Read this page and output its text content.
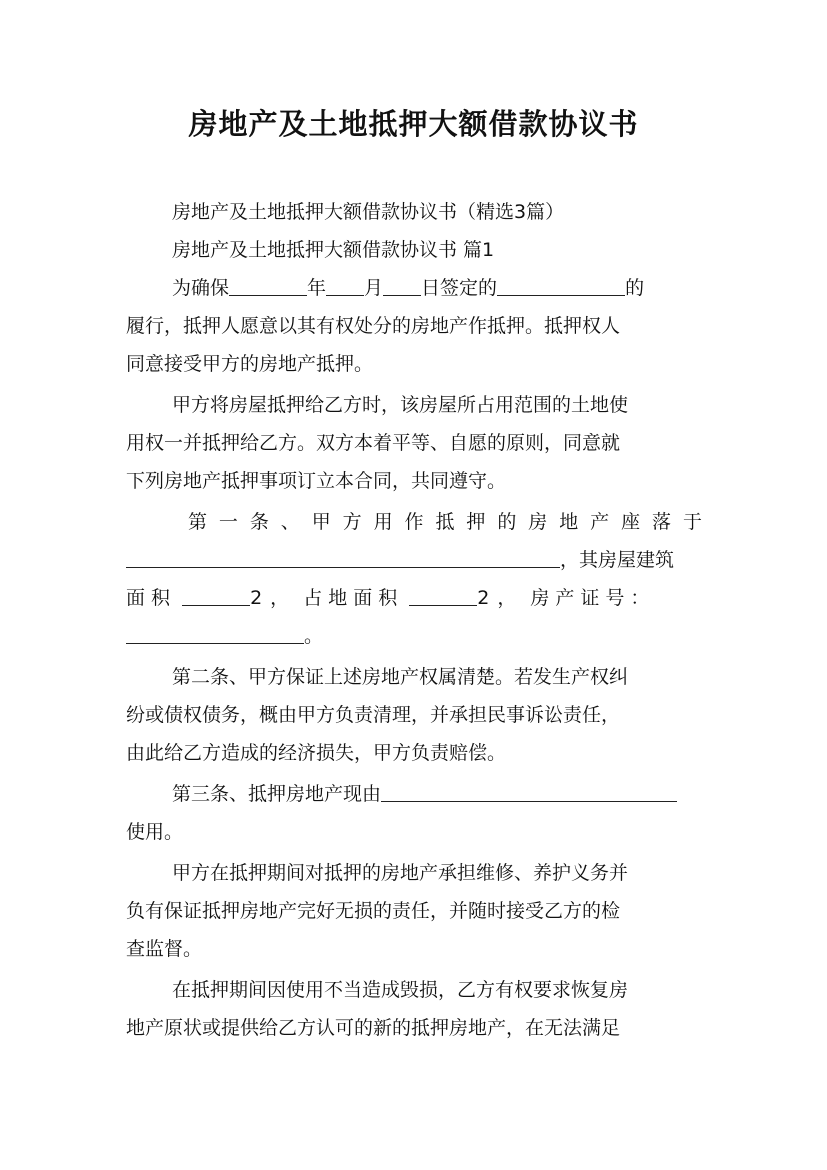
房地产及土地抵押大额借款协议书
房地产及土地抵押大额借款协议书（精选3篇）
房地产及土地抵押大额借款协议书 篇1
为确保	年 月 日签定的	的
履行，抵押人愿意以其有权处分的房地产作抵押。抵押权人
同意接受甲方的房地产抵押。
甲方将房屋抵押给乙方时，该房屋所占用范围的土地使
用权一并抵押给乙方。双方本着平等、自愿的原则，同意就
下列房地产抵押事项订立本合同，共同遵守。
第一条、甲方用作抵押的房地产座落于
，其房屋建筑
面积	2， 占地面积	2， 房产证号：
。
第二条、甲方保证上述房地产权属清楚。若发生产权纠
纷或债权债务，概由甲方负责清理，并承担民事诉讼责任，
由此给乙方造成的经济损失，甲方负责赔偿。
第三条、抵押房地产现由
使用。
甲方在抵押期间对抵押的房地产承担维修、养护义务并
负有保证抵押房地产完好无损的责任，并随时接受乙方的检
查监督。
在抵押期间因使用不当造成毁损，乙方有权要求恢复房
地产原状或提供给乙方认可的新的抵押房地产，在无法满足
